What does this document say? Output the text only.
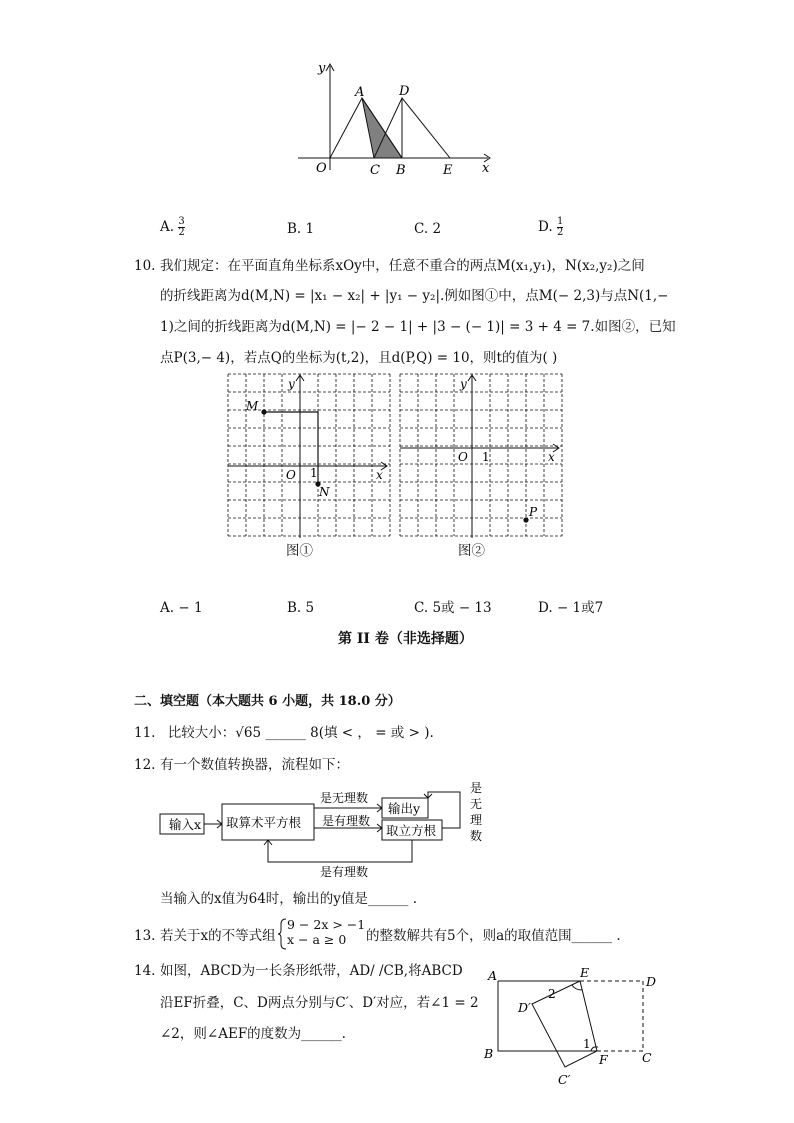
y
x
O
A	D
C B	E
A. $\frac{3}{2}$	B. 1	C. 2	D. $\frac{1}{2}$
10. 我们规定：在平面直角坐标系xOy中，任意不重合的两点M(x₁,y₁)，N(x₂,y₂)之间
的折线距离为d(M,N) = |x₁ − x₂| + |y₁ − y₂|.例如图①中，点M(− 2,3)与点N(1,−
1)之间的折线距离为d(M,N) = |− 2 − 1| + |3 − (− 1)| = 3 + 4 = 7.如图②，已知
点P(3,− 4)，若点Q的坐标为(t,2)，且d(P,Q) = 10，则t的值为( )
y
x
O 1
M
N
y
x
O 1
P
图①	图②
A. − 1	B. 5	C. 5或 − 13	D. − 1或7
第 II 卷（非选择题）
二、填空题（本大题共 6 小题，共 18.0 分）
11. 比较大小：√65 ______ 8(填 < ， = 或 > ).
12. 有一个数值转换器，流程如下：
输入x 取算术平方根
输出y
取立方根
是无理数
是有理数
是有理数
是无理数
当输入的x值为64时，输出的y值是______ .
13. 若关于x的不等式组
9 − 2x > −1
x − a ≥ 0	的整数解共有5个，则a的取值范围______ .
14. 如图，ABCD为一长条形纸带，AD/ /CB,将ABCD
沿EF折叠，C、D两点分别与C′、D′对应，若∠1 = 2
∠2，则∠AEF的度数为______.
A	E
D
D′
2
B
1
F	C
C′
